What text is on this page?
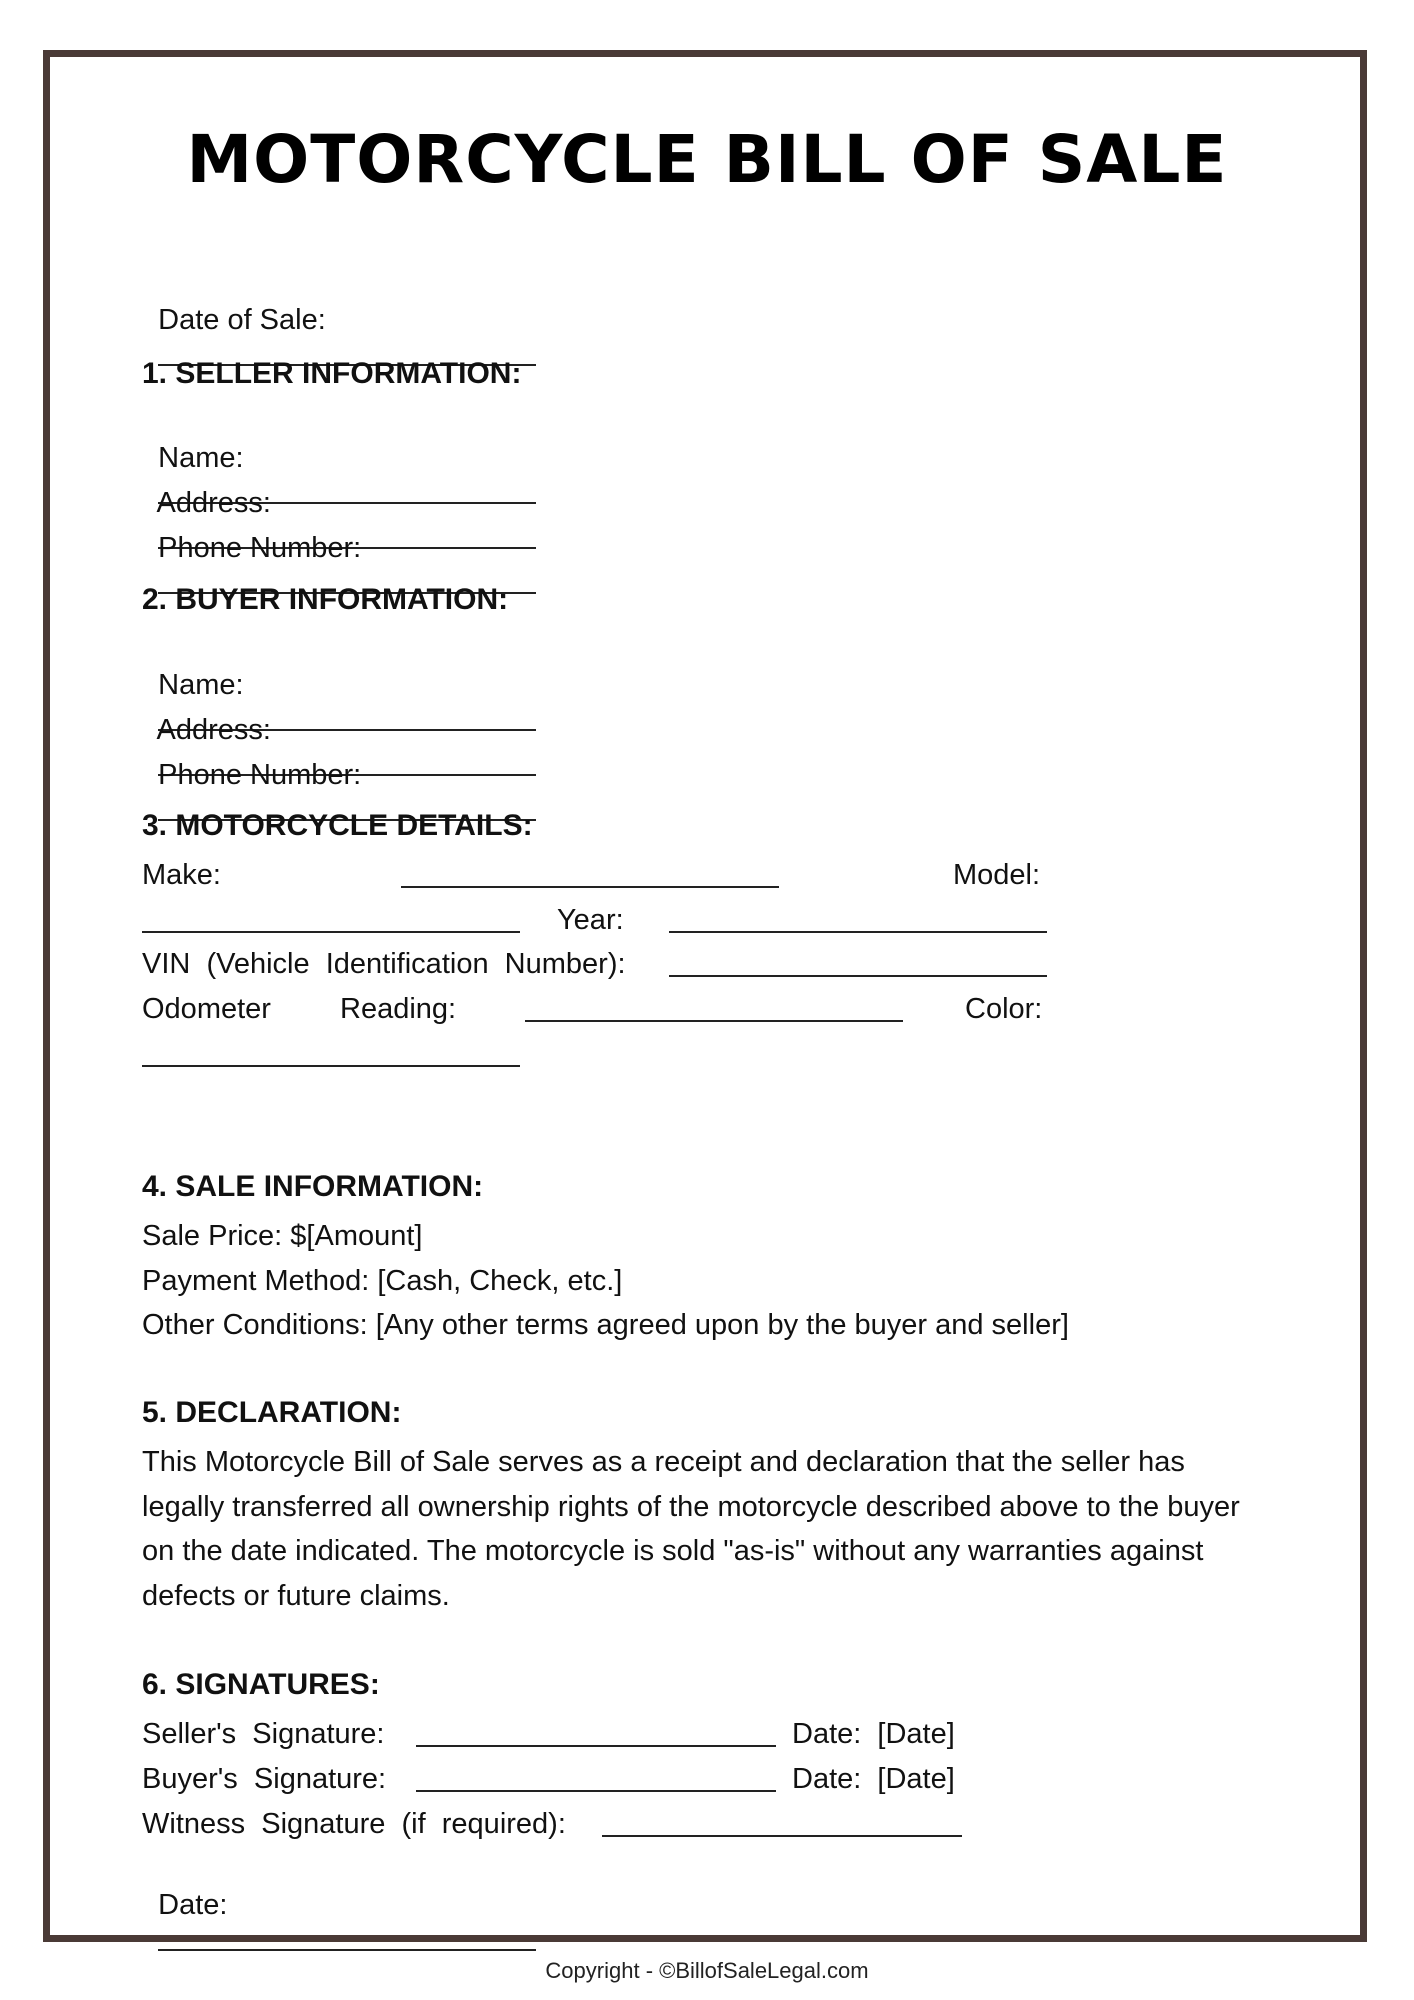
MOTORCYCLE BILL OF SALE

Date of Sale:

1. SELLER INFORMATION:

Name:

Address:

Phone Number:

2. BUYER INFORMATION:

Name:

Address:

Phone Number:

3. MOTORCYCLE DETAILS:
Make:	Model:
Year:
VIN  (Vehicle  Identification  Number):
Odometer Reading:	Color:
4. SALE INFORMATION:
Sale Price: $[Amount]
Payment Method: [Cash, Check, etc.]
Other Conditions: [Any other terms agreed upon by the buyer and seller]
5. DECLARATION:
This Motorcycle Bill of Sale serves as a receipt and declaration that the seller has legally transferred all ownership rights of the motorcycle described above to the buyer on the date indicated. The motorcycle is sold "as-is" without any warranties against defects or future claims.
6. SIGNATURES:
Seller's  Signature:	Date:  [Date]
Buyer's  Signature:	Date:  [Date]
Witness  Signature  (if  required):

Date:

Copyright - ©BillofSaleLegal.com
